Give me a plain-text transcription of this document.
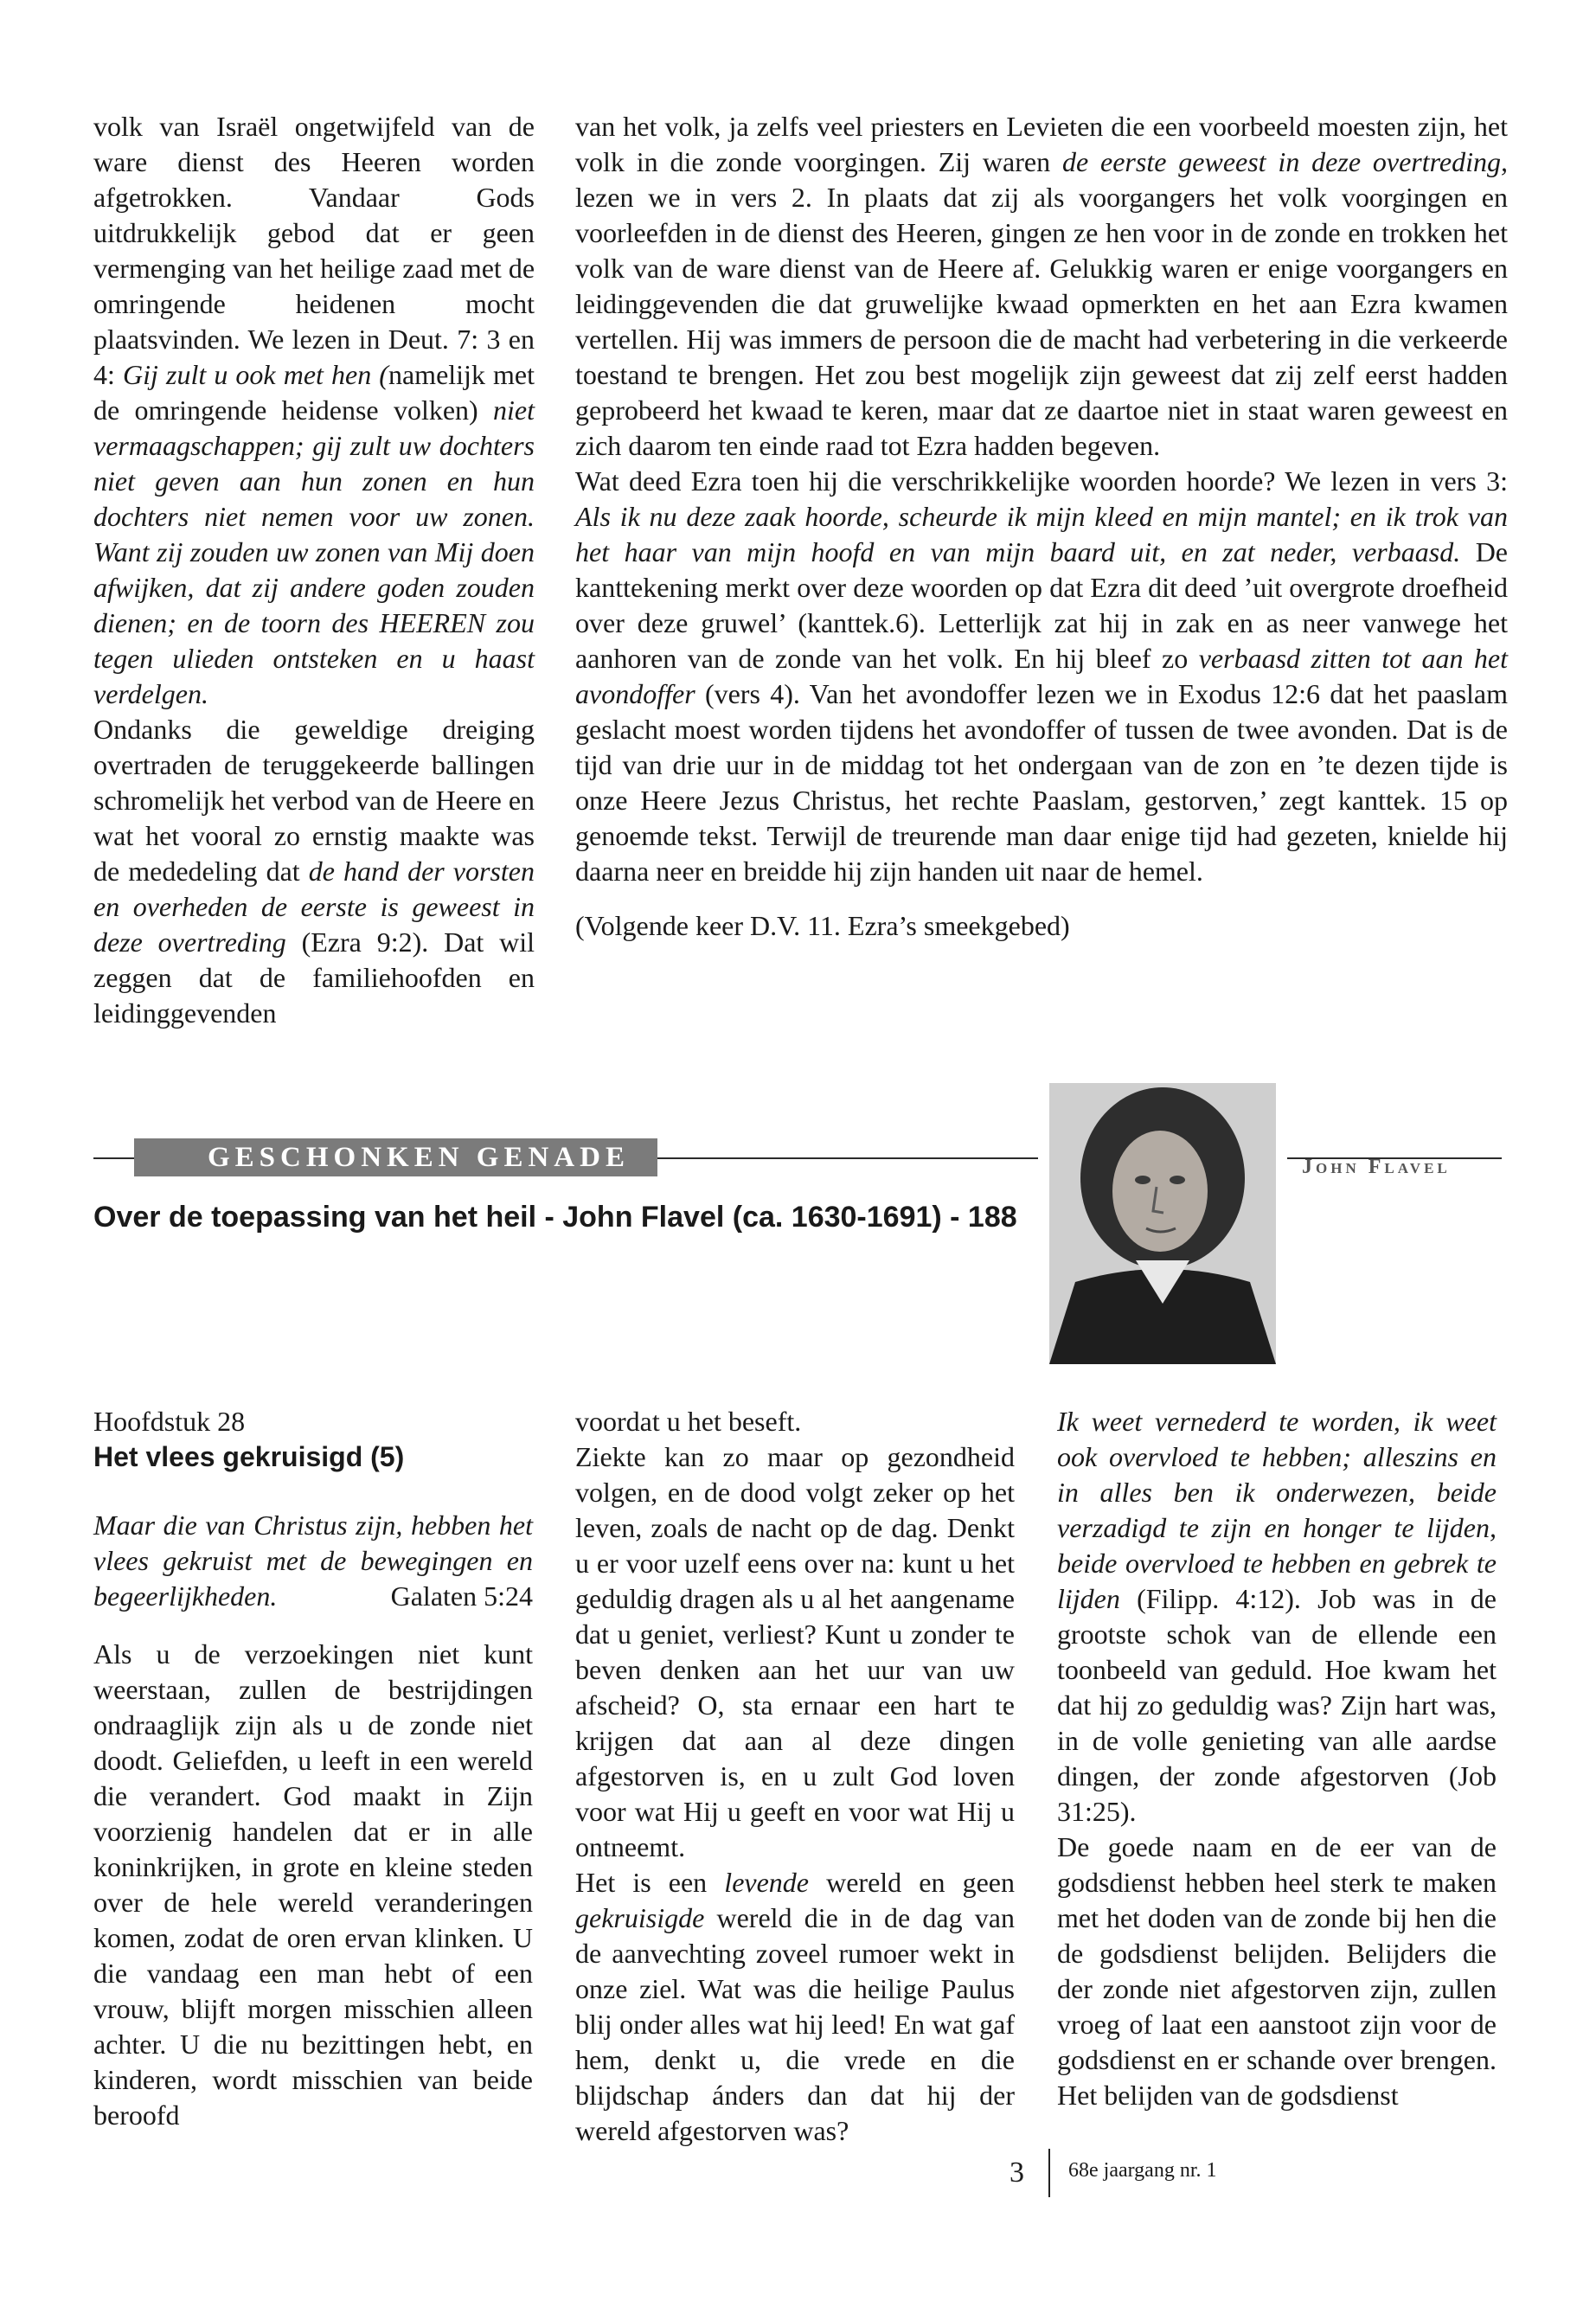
volk van Israël ongetwijfeld van de ware dienst des Heeren worden afgetrokken. Vandaar Gods uitdrukkelijk gebod dat er geen vermenging van het heilige zaad met de omringende heidenen mocht plaatsvinden. We lezen in Deut. 7: 3 en 4: Gij zult u ook met hen (namelijk met de omringende heidense volken) niet vermaagschappen; gij zult uw dochters niet geven aan hun zonen en hun dochters niet nemen voor uw zonen. Want zij zouden uw zonen van Mij doen afwijken, dat zij andere goden zouden dienen; en de toorn des HEEREN zou tegen ulieden ontsteken en u haast verdelgen.

Ondanks die geweldige dreiging overtraden de teruggekeerde ballingen schromelijk het verbod van de Heere en wat het vooral zo ernstig maakte was de mededeling dat de hand der vorsten en overheden de eerste is geweest in deze overtreding (Ezra 9:2). Dat wil zeggen dat de familiehoofden en leidinggevenden

van het volk, ja zelfs veel priesters en Levieten die een voorbeeld moesten zijn, het volk in die zonde voorgingen. Zij waren de eerste geweest in deze overtreding, lezen we in vers 2. In plaats dat zij als voorgangers het volk voorgingen en voorleefden in de dienst des Heeren, gingen ze hen voor in de zonde en trokken het volk van de ware dienst van de Heere af. Gelukkig waren er enige voorgangers en leidinggevenden die dat gruwelijke kwaad opmerkten en het aan Ezra kwamen vertellen. Hij was immers de persoon die de macht had verbetering in die verkeerde toestand te brengen. Het zou best mogelijk zijn geweest dat zij zelf eerst hadden geprobeerd het kwaad te keren, maar dat ze daartoe niet in staat waren geweest en zich daarom ten einde raad tot Ezra hadden begeven.

Wat deed Ezra toen hij die verschrikkelijke woorden hoorde? We lezen in vers 3: Als ik nu deze zaak hoorde, scheurde ik mijn kleed en mijn mantel; en ik trok van het haar van mijn hoofd en van mijn baard uit, en zat neder, verbaasd. De kanttekening merkt over deze woorden op dat Ezra dit deed ’uit overgrote droefheid over deze gruwel’ (kanttek.6). Letterlijk zat hij in zak en as neer vanwege het aanhoren van de zonde van het volk. En hij bleef zo verbaasd zitten tot aan het avondoffer (vers 4). Van het avondoffer lezen we in Exodus 12:6 dat het paaslam geslacht moest worden tijdens het avondoffer of tussen de twee avonden. Dat is de tijd van drie uur in de middag tot het ondergaan van de zon en ’te dezen tijde is onze Heere Jezus Christus, het rechte Paaslam, gestorven,’ zegt kanttek. 15 op genoemde tekst. Terwijl de treurende man daar enige tijd had gezeten, knielde hij daarna neer en breidde hij zijn handen uit naar de hemel.

(Volgende keer D.V. 11. Ezra’s smeekgebed)

GESCHONKEN GENADE	John Flavel
Over de toepassing van het heil - John Flavel (ca. 1630-1691) - 188

Hoofdstuk 28

Het vlees gekruisigd (5)

Maar die van Christus zijn, hebben het vlees gekruist met de bewegingen en begeerlijkheden.	Galaten 5:24

Als u de verzoekingen niet kunt weerstaan, zullen de bestrijdingen ondraaglijk zijn als u de zonde niet doodt. Geliefden, u leeft in een wereld die verandert. God maakt in Zijn voorzienig handelen dat er in alle koninkrijken, in grote en kleine steden over de hele wereld veranderingen komen, zodat de oren ervan klinken. U die vandaag een man hebt of een vrouw, blijft morgen misschien alleen achter. U die nu bezittingen hebt, en kinderen, wordt misschien van beide beroofd

voordat u het beseft.

Ziekte kan zo maar op gezondheid volgen, en de dood volgt zeker op het leven, zoals de nacht op de dag. Denkt u er voor uzelf eens over na: kunt u het geduldig dragen als u al het aangename dat u geniet, verliest? Kunt u zonder te beven denken aan het uur van uw afscheid? O, sta ernaar een hart te krijgen dat aan al deze dingen afgestorven is, en u zult God loven voor wat Hij u geeft en voor wat Hij u ontneemt.

Het is een levende wereld en geen gekruisigde wereld die in de dag van de aanvechting zoveel rumoer wekt in onze ziel. Wat was die heilige Paulus blij onder alles wat hij leed! En wat gaf hem, denkt u, die vrede en die blijdschap ánders dan dat hij der wereld afgestorven was?

Ik weet vernederd te worden, ik weet ook overvloed te hebben; alleszins en in alles ben ik onderwezen, beide verzadigd te zijn en honger te lijden, beide overvloed te hebben en gebrek te lijden (Filipp. 4:12). Job was in de grootste schok van de ellende een toonbeeld van geduld. Hoe kwam het dat hij zo geduldig was? Zijn hart was, in de volle genieting van alle aardse dingen, der zonde afgestorven (Job 31:25).

De goede naam en de eer van de godsdienst hebben heel sterk te maken met het doden van de zonde bij hen die de godsdienst belijden. Belijders die der zonde niet afgestorven zijn, zullen vroeg of laat een aanstoot zijn voor de godsdienst en er schande over brengen. Het belijden van de godsdienst

3 68e jaargang nr. 1
